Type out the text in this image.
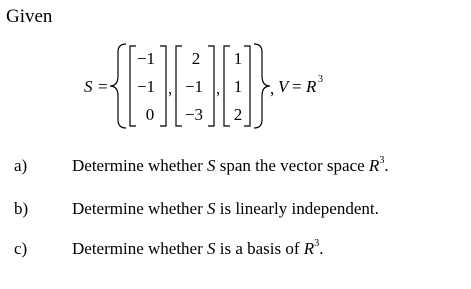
Given
S =
−1
−1
0
,
2
−1
−3
,
1
1
2
, V = R 3
a)	Determine whether S span the vector space $R^3$.
b)	Determine whether S is linearly independent.
c)	Determine whether S is a basis of $R^3$.
